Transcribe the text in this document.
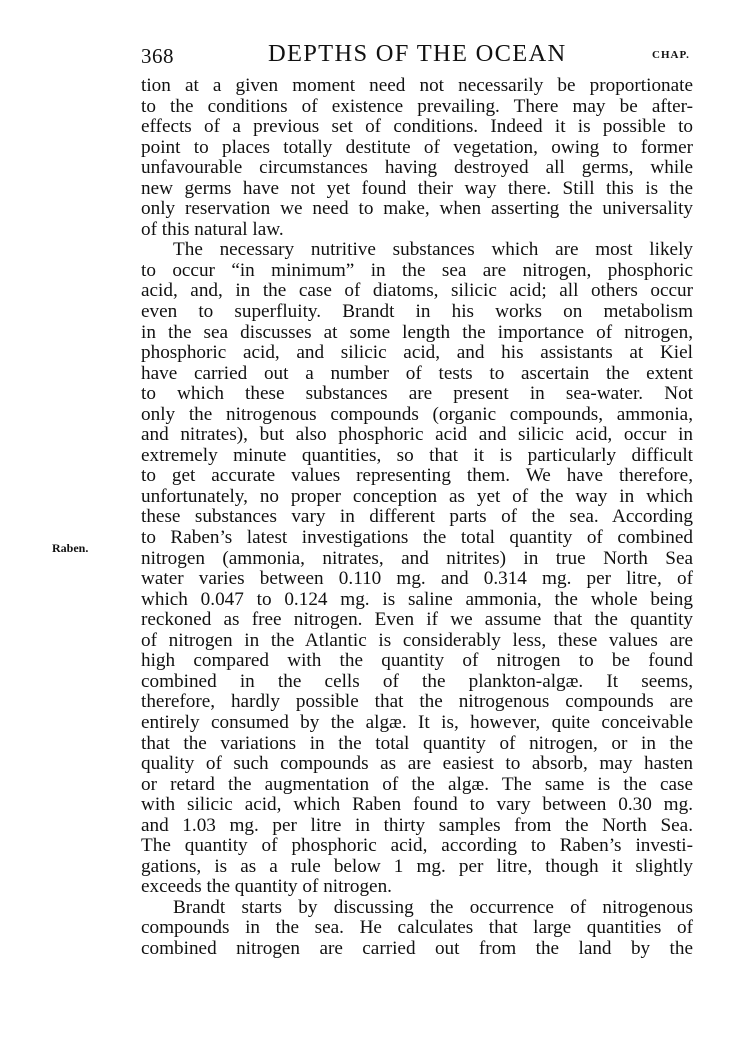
368	DEPTHS OF THE OCEAN	CHAP.
Raben.
tion at a given moment need not necessarily be proportionate
to the conditions of existence prevailing. There may be after-
effects of a previous set of conditions. Indeed it is possible to
point to places totally destitute of vegetation, owing to former
unfavourable circumstances having destroyed all germs, while
new germs have not yet found their way there. Still this is the
only reservation we need to make, when asserting the universality
of this natural law.
The necessary nutritive substances which are most likely
to occur “in minimum” in the sea are nitrogen, phosphoric
acid, and, in the case of diatoms, silicic acid; all others occur
even to superfluity. Brandt in his works on metabolism
in the sea discusses at some length the importance of nitrogen,
phosphoric acid, and silicic acid, and his assistants at Kiel
have carried out a number of tests to ascertain the extent
to which these substances are present in sea-water. Not
only the nitrogenous compounds (organic compounds, ammonia,
and nitrates), but also phosphoric acid and silicic acid, occur in
extremely minute quantities, so that it is particularly difficult
to get accurate values representing them. We have therefore,
unfortunately, no proper conception as yet of the way in which
these substances vary in different parts of the sea. According
to Raben’s latest investigations the total quantity of combined
nitrogen (ammonia, nitrates, and nitrites) in true North Sea
water varies between 0.110 mg. and 0.314 mg. per litre, of
which 0.047 to 0.124 mg. is saline ammonia, the whole being
reckoned as free nitrogen. Even if we assume that the quantity
of nitrogen in the Atlantic is considerably less, these values are
high compared with the quantity of nitrogen to be found
combined in the cells of the plankton-algæ. It seems,
therefore, hardly possible that the nitrogenous compounds are
entirely consumed by the algæ. It is, however, quite conceivable
that the variations in the total quantity of nitrogen, or in the
quality of such compounds as are easiest to absorb, may hasten
or retard the augmentation of the algæ. The same is the case
with silicic acid, which Raben found to vary between 0.30 mg.
and 1.03 mg. per litre in thirty samples from the North Sea.
The quantity of phosphoric acid, according to Raben’s investi-
gations, is as a rule below 1 mg. per litre, though it slightly
exceeds the quantity of nitrogen.
Brandt starts by discussing the occurrence of nitrogenous
compounds in the sea. He calculates that large quantities of
combined nitrogen are carried out from the land by the
